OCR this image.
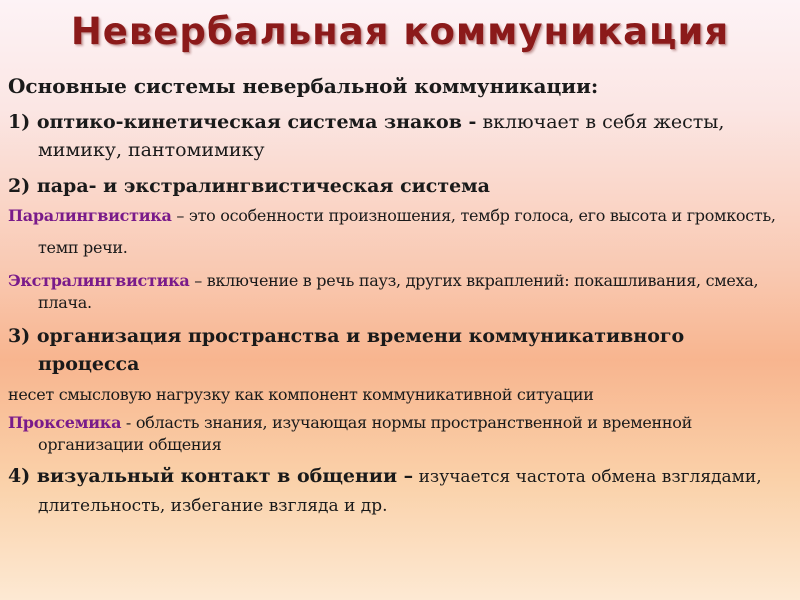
Невербальная коммуникация

Основные системы невербальной коммуникации:

1) оптико-кинетическая система знаков - включает в себя жесты, мимику, пантомимику

2) пара- и экстралингвистическая система

Паралингвистика – это особенности произношения, тембр голоса, его высота и громкость, темп речи.

Экстралингвистика – включение в речь пауз, других вкраплений: покашливания, смеха, плача.

3) организация пространства и времени коммуникативного процесса

несет смысловую нагрузку как компонент коммуникативной ситуации

Проксемика - область знания, изучающая нормы пространственной и временной организации общения

4) визуальный контакт в общении – изучается частота обмена взглядами, длительность, избегание взгляда и др.
